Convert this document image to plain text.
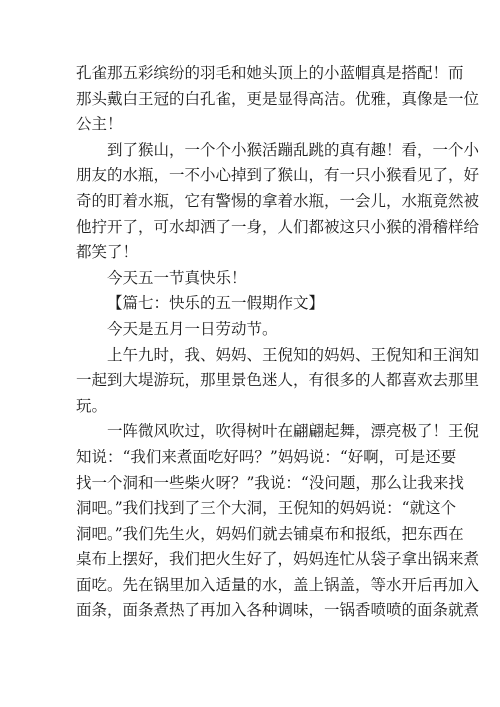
孔雀那五彩缤纷的羽毛和她头顶上的小蓝帽真是搭配！而
那头戴白王冠的白孔雀，更是显得高洁。优雅，真像是一位
公主！
到了猴山，一个个小猴活蹦乱跳的真有趣！看，一个小
朋友的水瓶，一不小心掉到了猴山，有一只小猴看见了，好
奇的盯着水瓶，它有警惕的拿着水瓶，一会儿，水瓶竟然被
他拧开了，可水却洒了一身，人们都被这只小猴的滑稽样给
都笑了！
今天五一节真快乐！
【篇七：快乐的五一假期作文】
今天是五月一日劳动节。
上午九时，我、妈妈、王倪知的妈妈、王倪知和王润知
一起到大堤游玩，那里景色迷人，有很多的人都喜欢去那里
玩。
一阵微风吹过，吹得树叶在翩翩起舞，漂亮极了！王倪
知说：“我们来煮面吃好吗？”妈妈说：“好啊，可是还要
找一个洞和一些柴火呀？”我说：“没问题，那么让我来找
洞吧。”我们找到了三个大洞，王倪知的妈妈说：“就这个
洞吧。”我们先生火，妈妈们就去铺桌布和报纸，把东西在
桌布上摆好，我们把火生好了，妈妈连忙从袋子拿出锅来煮
面吃。先在锅里加入适量的水，盖上锅盖，等水开后再加入
面条，面条煮热了再加入各种调味，一锅香喷喷的面条就煮
